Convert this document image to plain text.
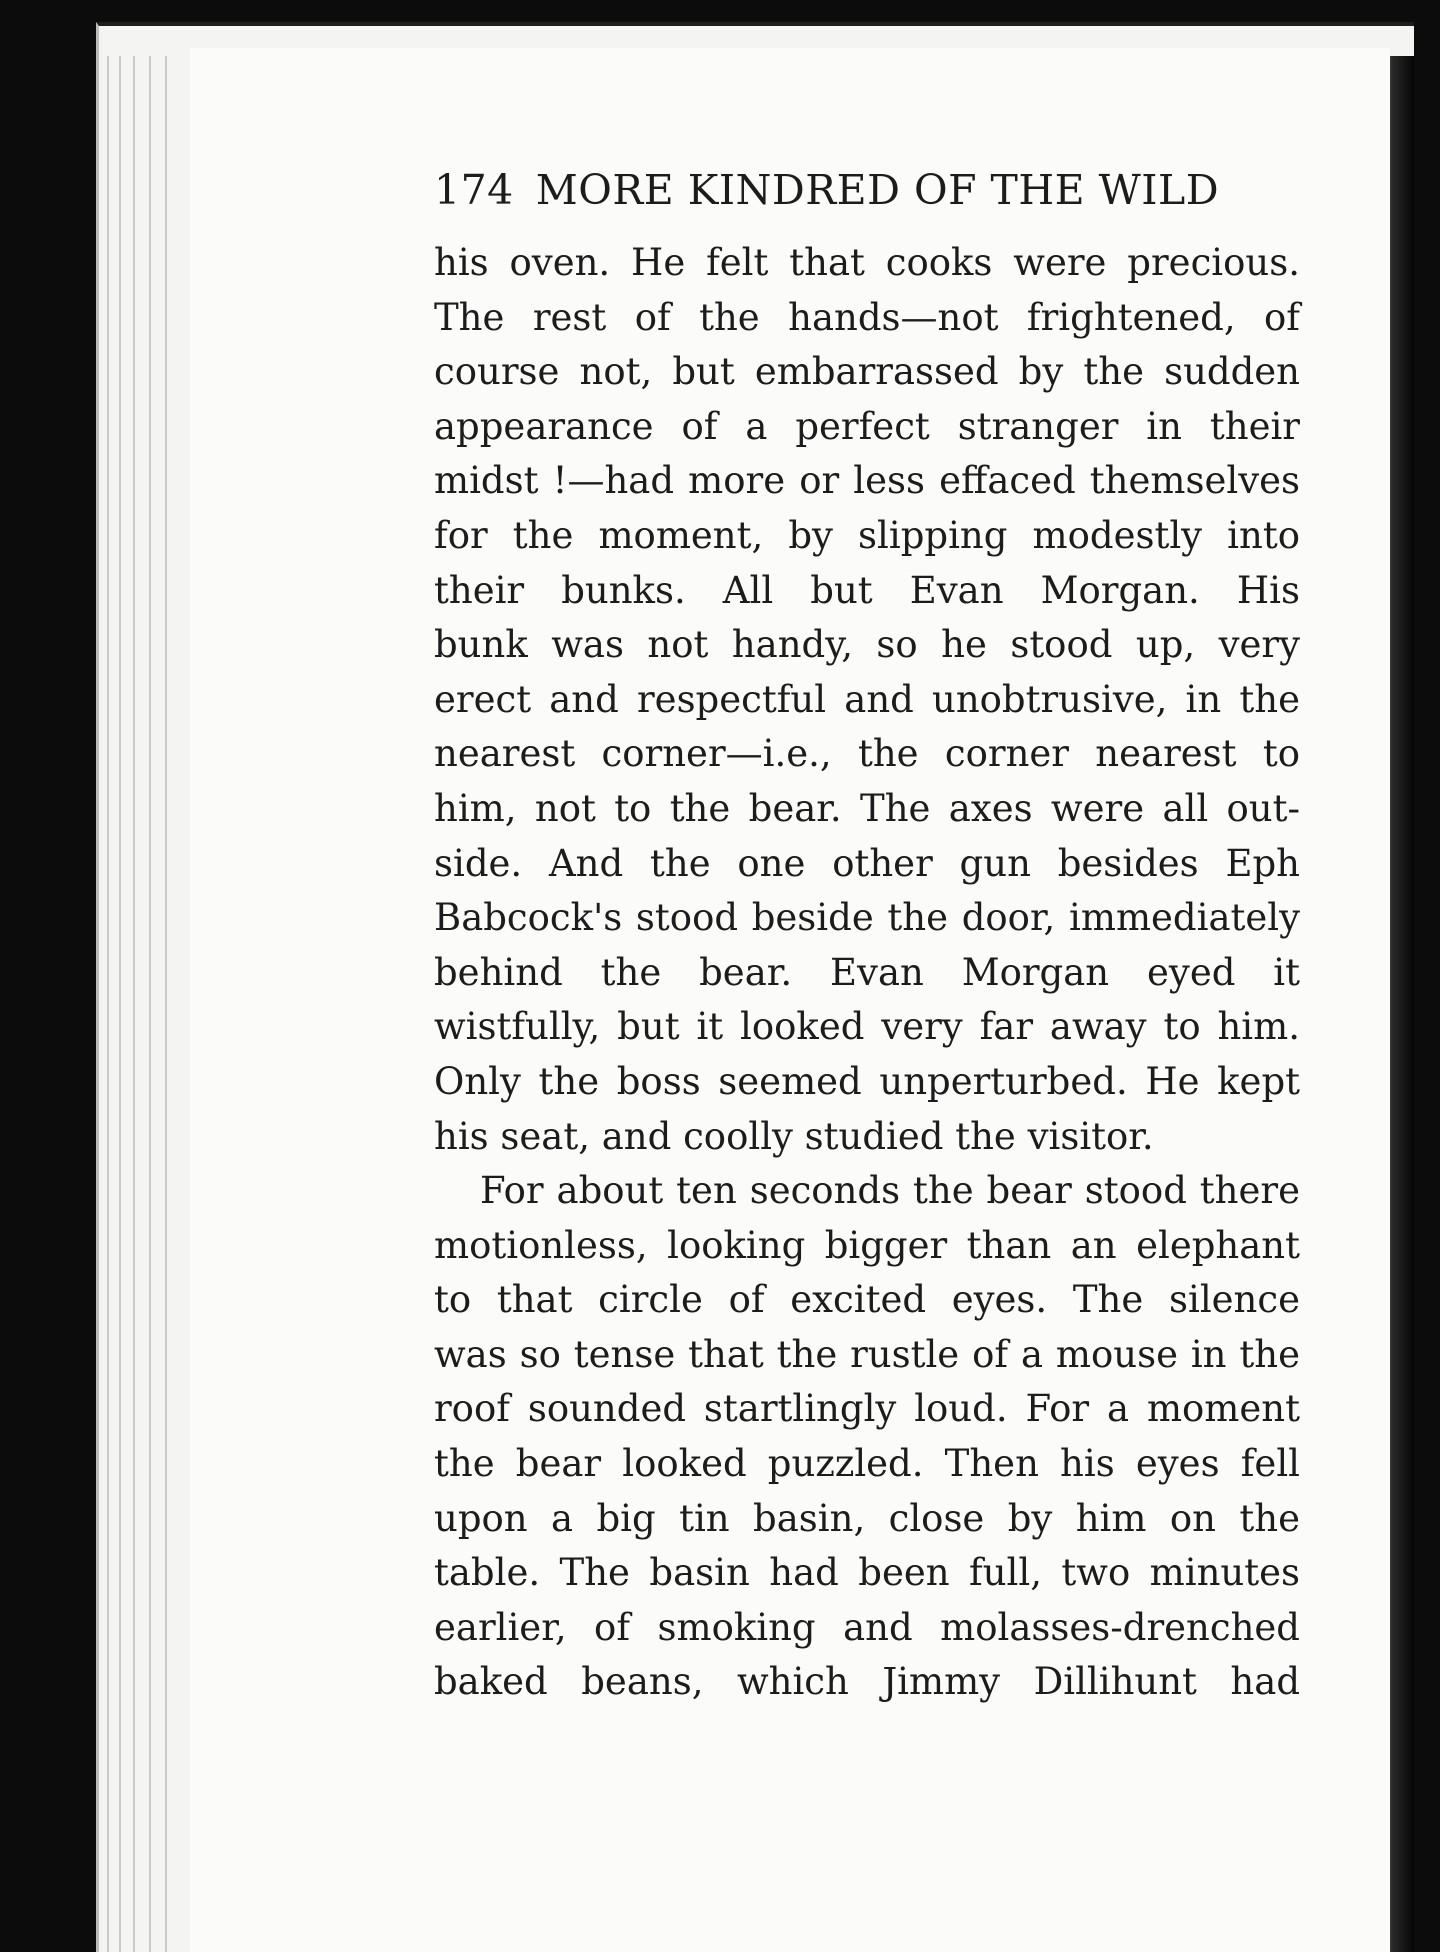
174 MORE KINDRED OF THE WILD
his oven. He felt that cooks were precious.
The rest of the hands—not frightened, of
course not, but embarrassed by the sudden
appearance of a perfect stranger in their
midst !—had more or less effaced themselves
for the moment, by slipping modestly into
their bunks. All but Evan Morgan. His
bunk was not handy, so he stood up, very
erect and respectful and unobtrusive, in the
nearest corner—i.e., the corner nearest to
him, not to the bear. The axes were all out-
side. And the one other gun besides Eph
Babcock's stood beside the door, immediately
behind the bear. Evan Morgan eyed it
wistfully, but it looked very far away to him.
Only the boss seemed unperturbed. He kept
his seat, and coolly studied the visitor.
For about ten seconds the bear stood there
motionless, looking bigger than an elephant
to that circle of excited eyes. The silence
was so tense that the rustle of a mouse in the
roof sounded startlingly loud. For a moment
the bear looked puzzled. Then his eyes fell
upon a big tin basin, close by him on the
table. The basin had been full, two minutes
earlier, of smoking and molasses-drenched
baked beans, which Jimmy Dillihunt had
